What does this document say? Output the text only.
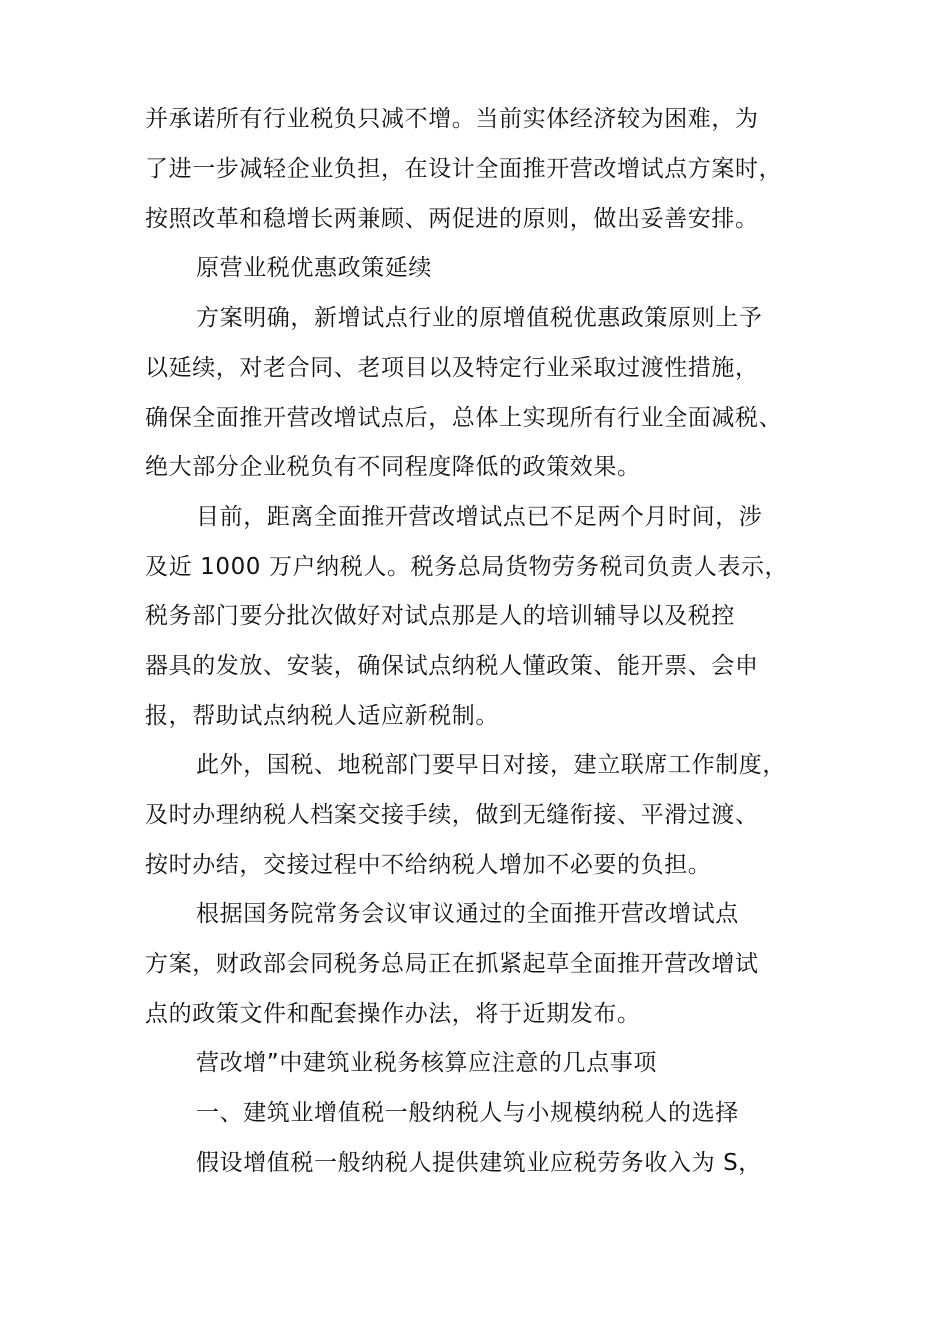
并承诺所有行业税负只减不增。当前实体经济较为困难，为
了进一步减轻企业负担，在设计全面推开营改增试点方案时，
按照改革和稳增长两兼顾、两促进的原则，做出妥善安排。
原营业税优惠政策延续
方案明确，新增试点行业的原增值税优惠政策原则上予
以延续，对老合同、老项目以及特定行业采取过渡性措施，
确保全面推开营改增试点后，总体上实现所有行业全面减税、
绝大部分企业税负有不同程度降低的政策效果。
目前，距离全面推开营改增试点已不足两个月时间，涉
及近 1000 万户纳税人。税务总局货物劳务税司负责人表示，
税务部门要分批次做好对试点那是人的培训辅导以及税控
器具的发放、安装，确保试点纳税人懂政策、能开票、会申
报，帮助试点纳税人适应新税制。
此外，国税、地税部门要早日对接，建立联席工作制度，
及时办理纳税人档案交接手续，做到无缝衔接、平滑过渡、
按时办结，交接过程中不给纳税人增加不必要的负担。
根据国务院常务会议审议通过的全面推开营改增试点
方案，财政部会同税务总局正在抓紧起草全面推开营改增试
点的政策文件和配套操作办法，将于近期发布。
营改增”中建筑业税务核算应注意的几点事项
一、建筑业增值税一般纳税人与小规模纳税人的选择
假设增值税一般纳税人提供建筑业应税劳务收入为 S，
